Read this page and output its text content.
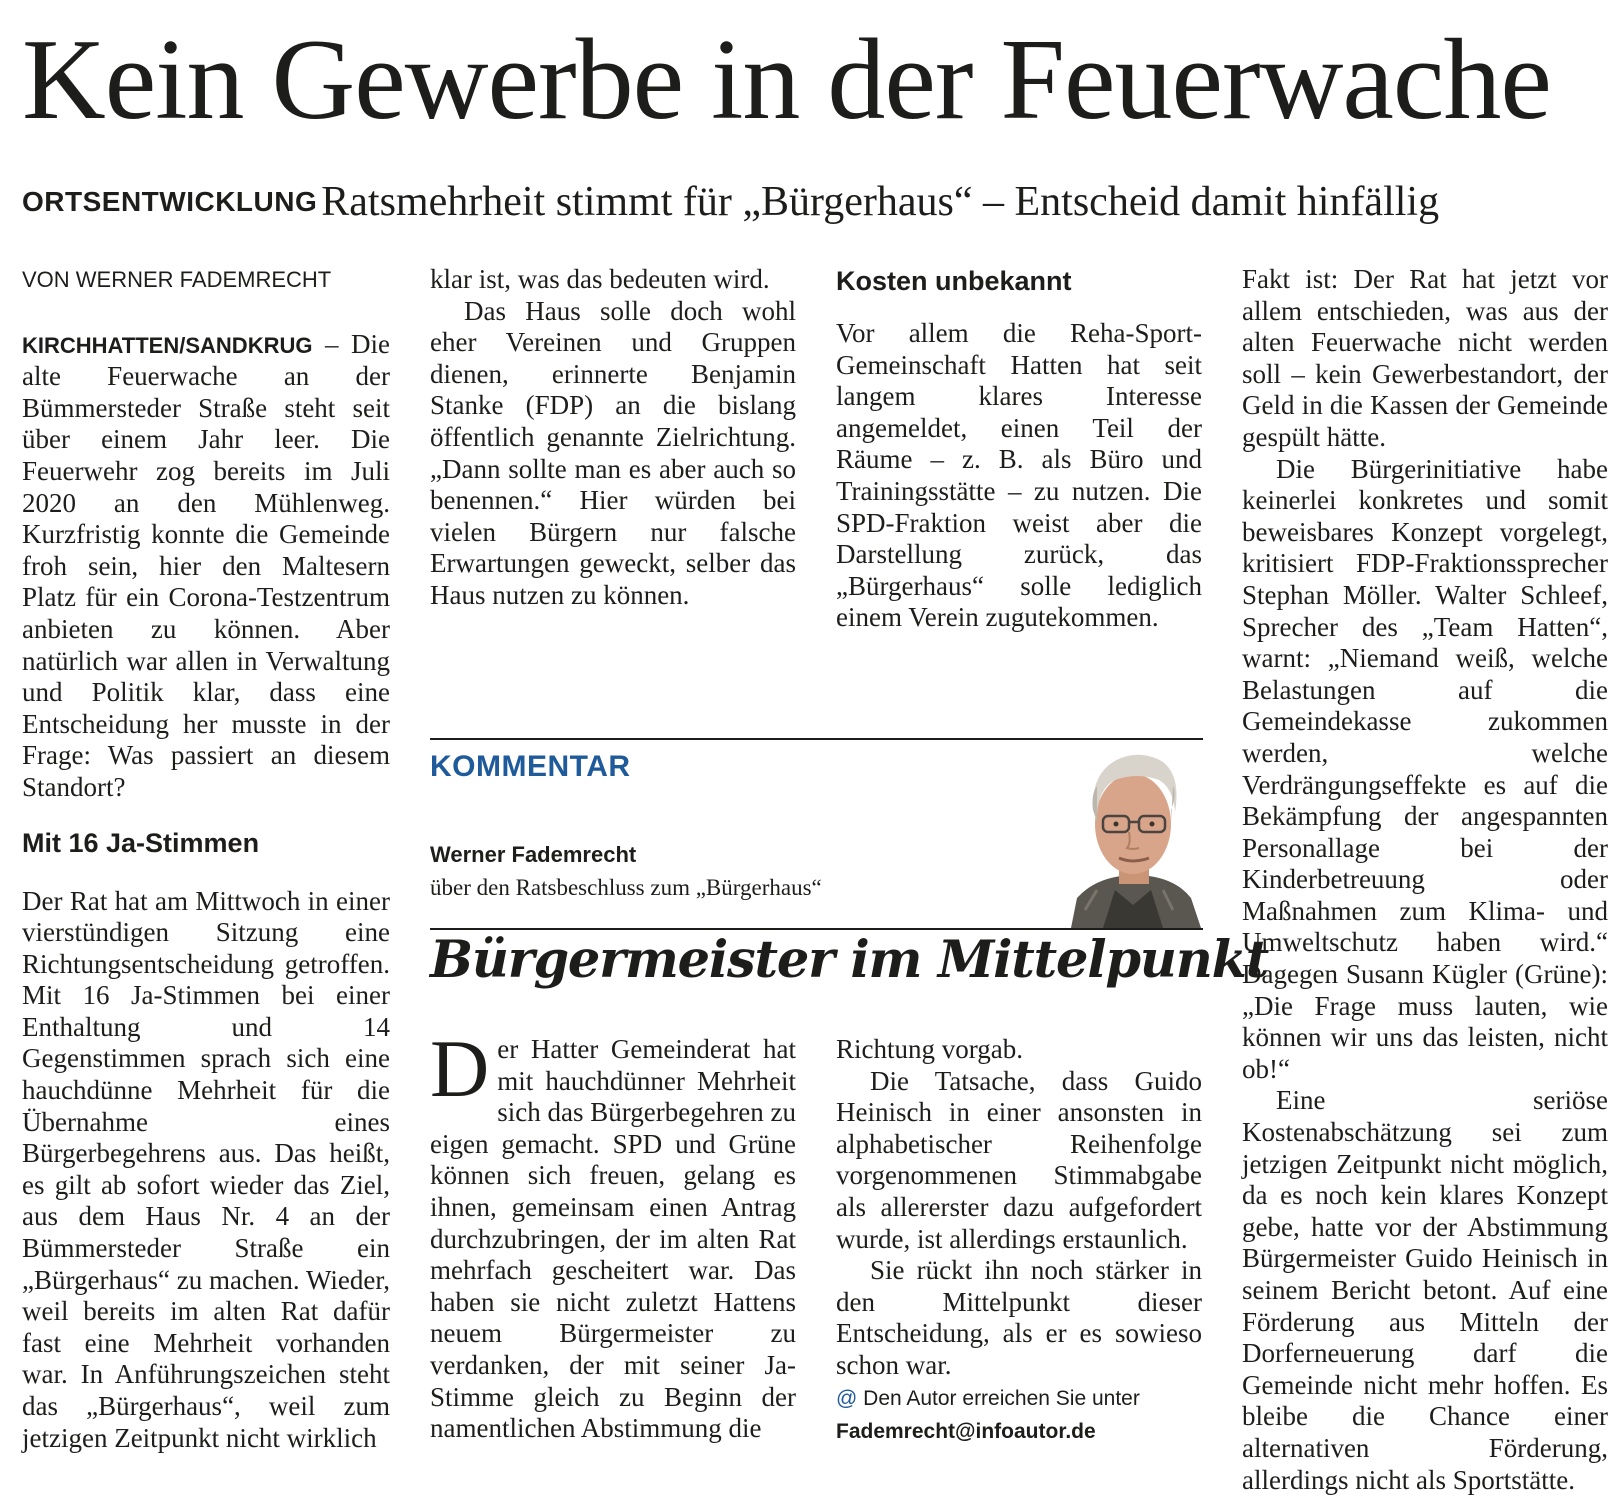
Kein Gewerbe in der Feuerwache
ORTSENTWICKLUNG Ratsmehrheit stimmt für „Bürgerhaus“ – Entscheid damit hinfällig

VON WERNER FADEMRECHT

KIRCHHATTEN/SANDKRUG – Die alte Feuerwache an der Bümmersteder Straße steht seit über einem Jahr leer. Die Feuerwehr zog bereits im Juli 2020 an den Mühlenweg. Kurzfristig konnte die Gemeinde froh sein, hier den Maltesern Platz für ein Corona-Testzentrum anbieten zu können. Aber natürlich war allen in Verwaltung und Politik klar, dass eine Entscheidung her musste in der Frage: Was passiert an diesem Standort?

Mit 16 Ja-Stimmen

Der Rat hat am Mittwoch in einer vierstündigen Sitzung eine Richtungsentscheidung getroffen. Mit 16 Ja-Stimmen bei einer Enthaltung und 14 Gegenstimmen sprach sich eine hauchdünne Mehrheit für die Übernahme eines Bürgerbegehrens aus. Das heißt, es gilt ab sofort wieder das Ziel, aus dem Haus Nr. 4 an der Bümmersteder Straße ein „Bürgerhaus“ zu machen. Wieder, weil bereits im alten Rat dafür fast eine Mehrheit vorhanden war. In Anführungszeichen steht das „Bürgerhaus“, weil zum jetzigen Zeitpunkt nicht wirklich

klar ist, was das bedeuten wird.

Das Haus solle doch wohl eher Vereinen und Gruppen dienen, erinnerte Benjamin Stanke (FDP) an die bislang öffentlich genannte Zielrichtung. „Dann sollte man es aber auch so benennen.“ Hier würden bei vielen Bürgern nur falsche Erwartungen geweckt, selber das Haus nutzen zu können.

Kosten unbekannt

Vor allem die Reha-Sport-Gemeinschaft Hatten hat seit langem klares Interesse angemeldet, einen Teil der Räume – z. B. als Büro und Trainingsstätte – zu nutzen. Die SPD-Fraktion weist aber die Darstellung zurück, das „Bürgerhaus“ solle lediglich einem Verein zugutekommen.

Fakt ist: Der Rat hat jetzt vor allem entschieden, was aus der alten Feuerwache nicht werden soll – kein Gewerbestandort, der Geld in die Kassen der Gemeinde gespült hätte.

Die Bürgerinitiative habe keinerlei konkretes und somit beweisbares Konzept vorgelegt, kritisiert FDP-Fraktionssprecher Stephan Möller. Walter Schleef, Sprecher des „Team Hatten“, warnt: „Niemand weiß, welche Belastungen auf die Gemeindekasse zukommen werden, welche Verdrängungseffekte es auf die Bekämpfung der angespannten Personallage bei der Kinderbetreuung oder Maßnahmen zum Klima- und Umweltschutz haben wird.“ Dagegen Susann Kügler (Grüne): „Die Frage muss lauten, wie können wir uns das leisten, nicht ob!“

Eine seriöse Kostenabschätzung sei zum jetzigen Zeitpunkt nicht möglich, da es noch kein klares Konzept gebe, hatte vor der Abstimmung Bürgermeister Guido Heinisch in seinem Bericht betont. Auf eine Förderung aus Mitteln der Dorferneuerung darf die Gemeinde nicht mehr hoffen. Es bleibe die Chance einer alternativen Förderung, allerdings nicht als Sportstätte.

KOMMENTAR
Werner Fademrecht
über den Ratsbeschluss zum „Bürgerhaus“
Bürgermeister im Mittelpunkt

Der Hatter Gemeinderat hat mit hauchdünner Mehrheit sich das Bürgerbegehren zu eigen gemacht. SPD und Grüne können sich freuen, gelang es ihnen, gemeinsam einen Antrag durchzubringen, der im alten Rat mehrfach gescheitert war. Das haben sie nicht zuletzt Hattens neuem Bürgermeister zu verdanken, der mit seiner Ja-Stimme gleich zu Beginn der namentlichen Abstimmung die

Richtung vorgab.

Die Tatsache, dass Guido Heinisch in einer ansonsten in alphabetischer Reihenfolge vorgenommenen Stimmabgabe als allererster dazu aufgefordert wurde, ist allerdings erstaunlich.

Sie rückt ihn noch stärker in den Mittelpunkt dieser Entscheidung, als er es sowieso schon war.

@ Den Autor erreichen Sie unter Fademrecht@infoautor.de
